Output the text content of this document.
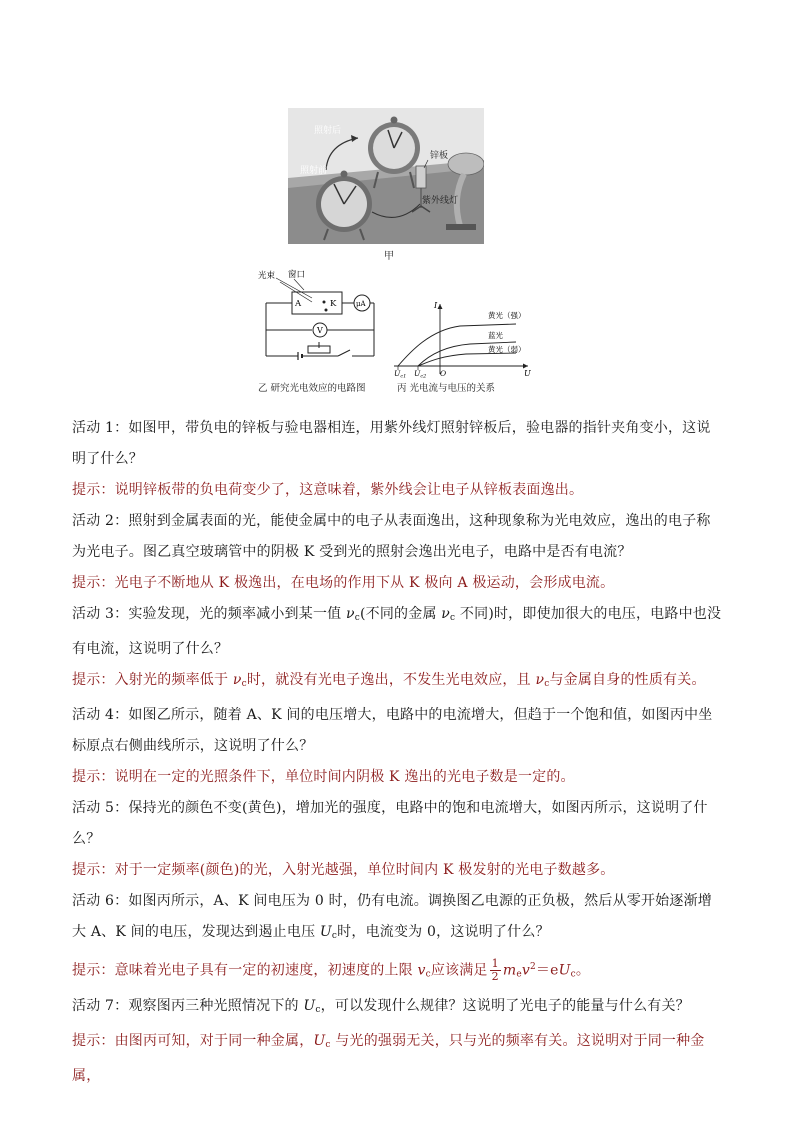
照射后
照射前
锌板
紫外线灯
甲
光束 窗口
A	K	μA
V
I
U
O
$U_{c1}$ $U_{c2}$
黄光（强）
蓝光
黄光（弱）
乙 研究光电效应的电路图	丙 光电流与电压的关系

活动 1：如图甲，带负电的锌板与验电器相连，用紫外线灯照射锌板后，验电器的指针夹角变小，这说明了什么？

提示：说明锌板带的负电荷变少了，这意味着，紫外线会让电子从锌板表面逸出。

活动 2：照射到金属表面的光，能使金属中的电子从表面逸出，这种现象称为光电效应，逸出的电子称为光电子。图乙真空玻璃管中的阴极 K 受到光的照射会逸出光电子，电路中是否有电流？

提示：光电子不断地从 K 极逸出，在电场的作用下从 K 极向 A 极运动，会形成电流。

活动 3：实验发现，光的频率减小到某一值 $\nu_c$(不同的金属 $\nu_c$ 不同)时，即使加很大的电压，电路中也没有电流，这说明了什么？

提示：入射光的频率低于 $\nu_c$时，就没有光电子逸出，不发生光电效应，且 $\nu_c$与金属自身的性质有关。

活动 4：如图乙所示，随着 A、K 间的电压增大，电路中的电流增大，但趋于一个饱和值，如图丙中坐标原点右侧曲线所示，这说明了什么？

提示：说明在一定的光照条件下，单位时间内阴极 K 逸出的光电子数是一定的。

活动 5：保持光的颜色不变(黄色)，增加光的强度，电路中的饱和电流增大，如图丙所示，这说明了什么？

提示：对于一定频率(颜色)的光，入射光越强，单位时间内 K 极发射的光电子数越多。

活动 6：如图丙所示，A、K 间电压为 0 时，仍有电流。调换图乙电源的正负极，然后从零开始逐渐增大 A、K 间的电压，发现达到遏止电压 $U_c$时，电流变为 0，这说明了什么？

提示：意味着光电子具有一定的初速度，初速度的上限 $v_c$应该满足 $\frac{1}{2} m_ev^2=eU_c$。

活动 7：观察图丙三种光照情况下的 $U_c$，可以发现什么规律？这说明了光电子的能量与什么有关？

提示：由图丙可知，对于同一种金属，$U_c$ 与光的强弱无关，只与光的频率有关。这说明对于同一种金属，
